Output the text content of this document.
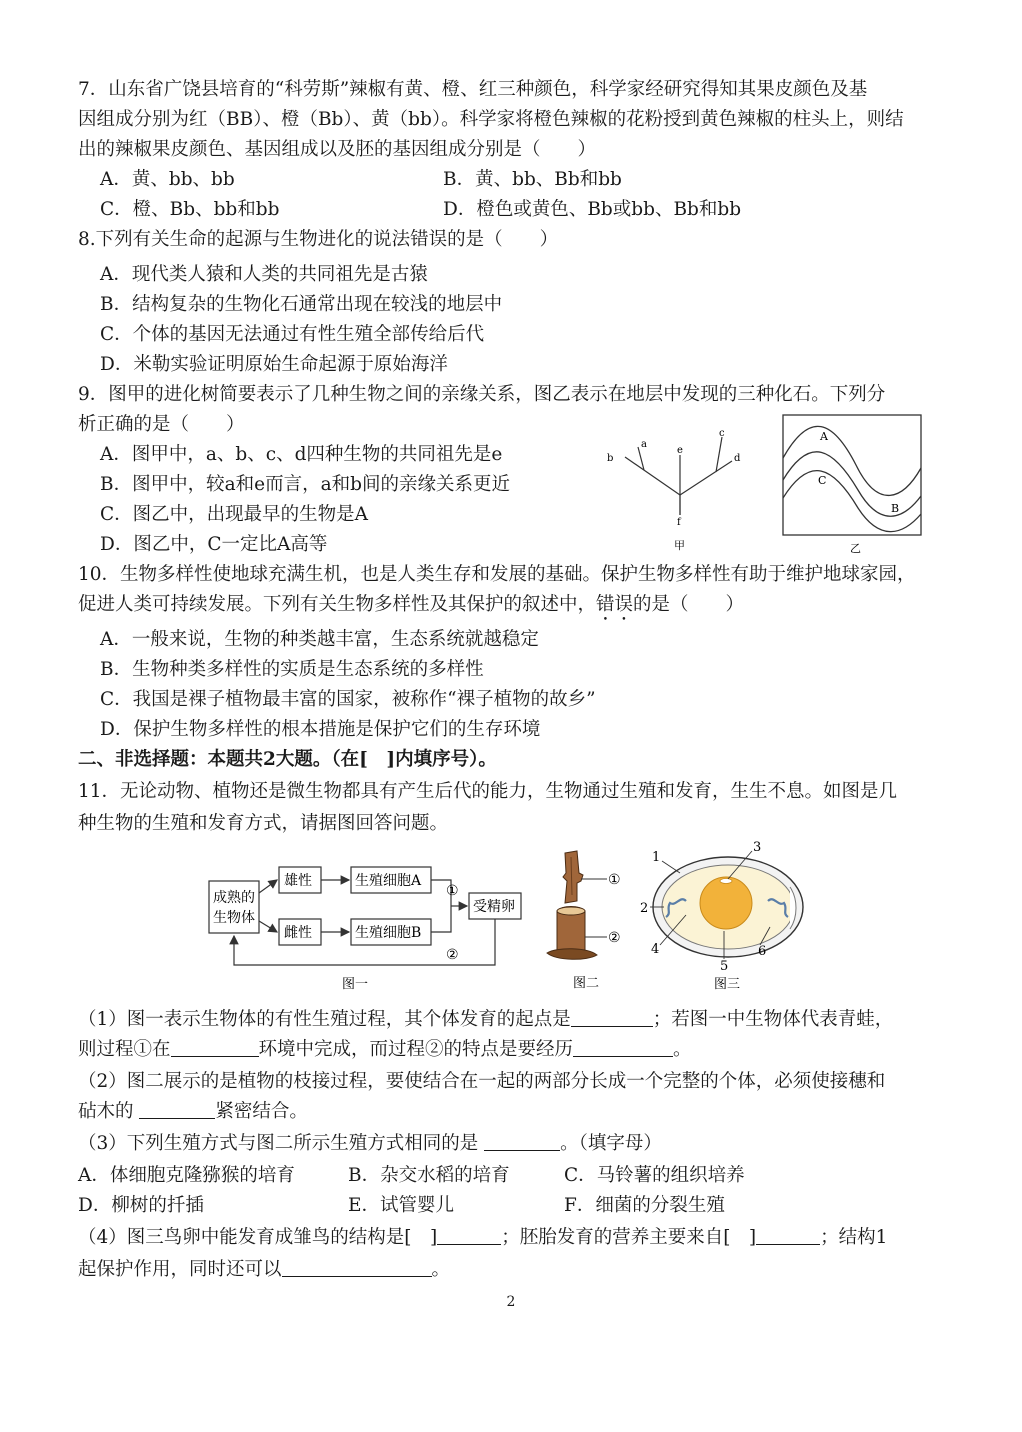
7．山东省广饶县培育的“科劳斯”辣椒有黄、橙、红三种颜色，科学家经研究得知其果皮颜色及基
因组成分别为红（BB）、橙（Bb）、黄（bb）。科学家将橙色辣椒的花粉授到黄色辣椒的柱头上，则结
出的辣椒果皮颜色、基因组成以及胚的基因组成分别是（　　）
A．黄、bb、bb	B．黄、bb、Bb和bb
C．橙、Bb、bb和bb	D．橙色或黄色、Bb或bb、Bb和bb
8.下列有关生命的起源与生物进化的说法错误的是（　　）
A．现代类人猿和人类的共同祖先是古猿
B．结构复杂的生物化石通常出现在较浅的地层中
C．个体的基因无法通过有性生殖全部传给后代
D．米勒实验证明原始生命起源于原始海洋
9．图甲的进化树简要表示了几种生物之间的亲缘关系，图乙表示在地层中发现的三种化石。下列分
析正确的是（　　）
A．图甲中，a、b、c、d四种生物的共同祖先是e
B．图甲中，较a和e而言，a和b间的亲缘关系更近
C．图乙中，出现最早的生物是A
D．图乙中，C一定比A高等
a
b
c
d
e
f
甲
A
B
C
乙
10．生物多样性使地球充满生机，也是人类生存和发展的基础。保护生物多样性有助于维护地球家园，
促进人类可持续发展。下列有关生物多样性及其保护的叙述中，错误的是（　　）
A．一般来说，生物的种类越丰富，生态系统就越稳定
B．生物种类多样性的实质是生态系统的多样性
C．我国是裸子植物最丰富的国家，被称作“裸子植物的故乡”
D．保护生物多样性的根本措施是保护它们的生存环境
二、非选择题：本题共2大题。（在[　]内填序号）。
11．无论动物、植物还是微生物都具有产生后代的能力，生物通过生殖和发育，生生不息。如图是几
种生物的生殖和发育方式，请据图回答问题。
成熟的
生物体
雄性
雌性
生殖细胞A
生殖细胞B
受精卵
①
②
图一
①
②
图二
1
2
3
4
5
6
图三
（1）图一表示生物体的有性生殖过程，其个体发育的起点是	；若图一中生物体代表青蛙，
则过程①在	环境中完成，而过程②的特点是要经历	。
（2）图二展示的是植物的枝接过程，要使结合在一起的两部分长成一个完整的个体，必须使接穗和
砧木的	紧密结合。
（3）下列生殖方式与图二所示生殖方式相同的是	。（填字母）
A．体细胞克隆猕猴的培育	B．杂交水稻的培育	C．马铃薯的组织培养
D．柳树的扦插	E．试管婴儿	F．细菌的分裂生殖
（4）图三鸟卵中能发育成雏鸟的结构是[　]	；胚胎发育的营养主要来自[　]	；结构1
起保护作用，同时还可以	。
2
